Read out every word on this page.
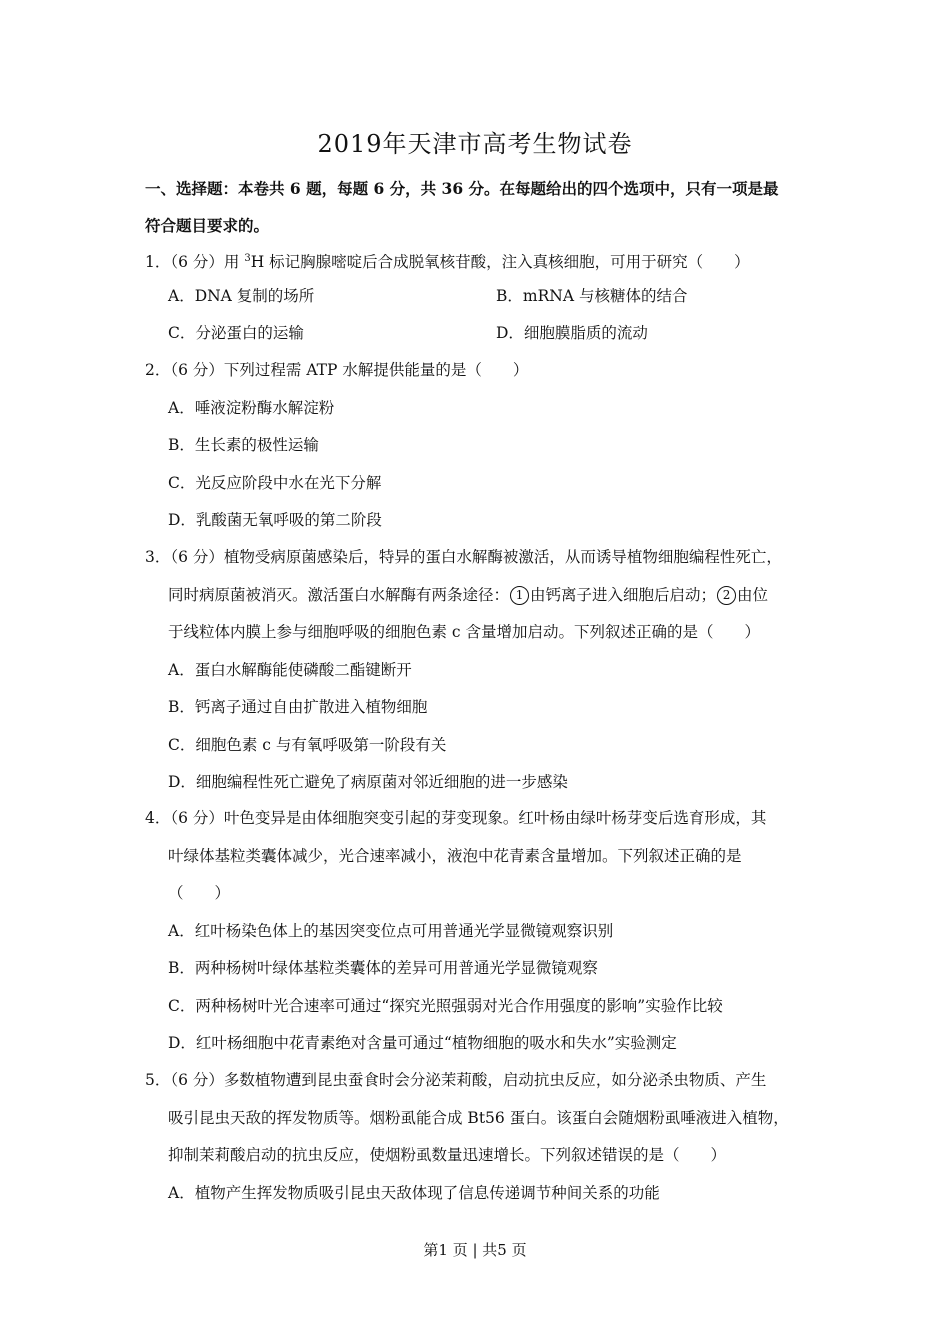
2019年天津市高考生物试卷
一、选择题：本卷共 6 题，每题 6 分，共 36 分。在每题给出的四个选项中，只有一项是最
符合题目要求的。
1．（6 分）用 $^3$H 标记胸腺嘧啶后合成脱氧核苷酸，注入真核细胞，可用于研究（　　）
A．DNA 复制的场所	B．mRNA 与核糖体的结合
C．分泌蛋白的运输	D．细胞膜脂质的流动
2．（6 分）下列过程需 ATP 水解提供能量的是（　　）
A．唾液淀粉酶水解淀粉
B．生长素的极性运输
C．光反应阶段中水在光下分解
D．乳酸菌无氧呼吸的第二阶段
3．（6 分）植物受病原菌感染后，特异的蛋白水解酶被激活，从而诱导植物细胞编程性死亡，
同时病原菌被消灭。激活蛋白水解酶有两条途径： 1 由钙离子进入细胞后启动； 2 由位
于线粒体内膜上参与细胞呼吸的细胞色素 c 含量增加启动。下列叙述正确的是（　　）
A．蛋白水解酶能使磷酸二酯键断开
B．钙离子通过自由扩散进入植物细胞
C．细胞色素 c 与有氧呼吸第一阶段有关
D．细胞编程性死亡避免了病原菌对邻近细胞的进一步感染
4．（6 分）叶色变异是由体细胞突变引起的芽变现象。红叶杨由绿叶杨芽变后选育形成，其
叶绿体基粒类囊体减少，光合速率减小，液泡中花青素含量增加。下列叙述正确的是
（　　）
A．红叶杨染色体上的基因突变位点可用普通光学显微镜观察识别
B．两种杨树叶绿体基粒类囊体的差异可用普通光学显微镜观察
C．两种杨树叶光合速率可通过“探究光照强弱对光合作用强度的影响”实验作比较
D．红叶杨细胞中花青素绝对含量可通过“植物细胞的吸水和失水”实验测定
5．（6 分）多数植物遭到昆虫蚕食时会分泌茉莉酸，启动抗虫反应，如分泌杀虫物质、产生
吸引昆虫天敌的挥发物质等。烟粉虱能合成 Bt56 蛋白。该蛋白会随烟粉虱唾液进入植物，
抑制茉莉酸启动的抗虫反应，使烟粉虱数量迅速增长。下列叙述错误的是（　　）
A．植物产生挥发物质吸引昆虫天敌体现了信息传递调节种间关系的功能
第1 页 | 共5 页
